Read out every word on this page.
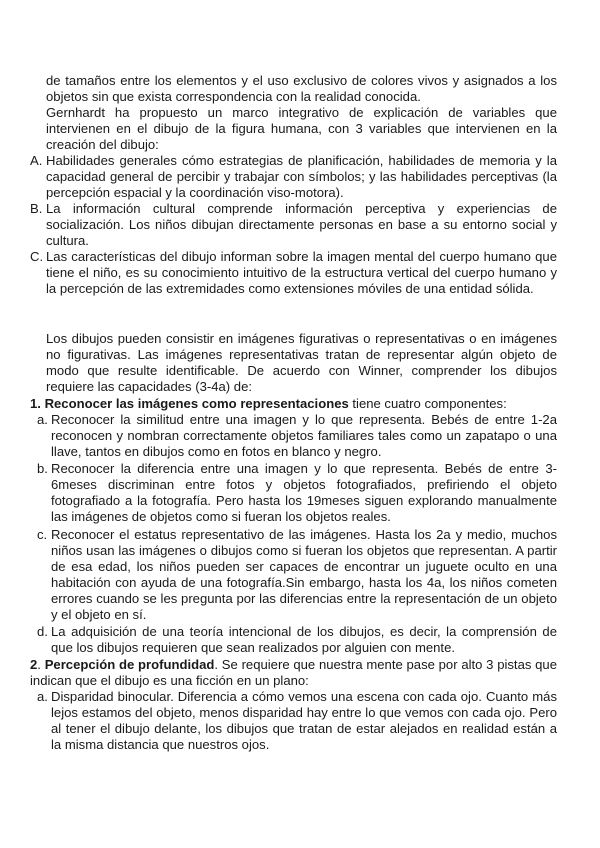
de tamaños entre los elementos y el uso exclusivo de colores vivos y asignados a los objetos sin que exista correspondencia con la realidad conocida.

Gernhardt ha propuesto un marco integrativo de explicación de variables que intervienen en el dibujo de la figura humana, con 3 variables que intervienen en la creación del dibujo:

A. Habilidades generales cómo estrategias de planificación, habilidades de memoria y la capacidad general de percibir y trabajar con símbolos; y las habilidades perceptivas (la percepción espacial y la coordinación viso-motora).

B. La información cultural comprende información perceptiva y experiencias de socialización. Los niños dibujan directamente personas en base a su entorno social y cultura.

C. Las características del dibujo informan sobre la imagen mental del cuerpo humano que tiene el niño, es su conocimiento intuitivo de la estructura vertical del cuerpo humano y la percepción de las extremidades como extensiones móviles de una entidad sólida.

Los dibujos pueden consistir en imágenes figurativas o representativas o en imágenes no figurativas. Las imágenes representativas tratan de representar algún objeto de modo que resulte identificable. De acuerdo con Winner, comprender los dibujos requiere las capacidades (3-4a) de:

1. Reconocer las imágenes como representaciones tiene cuatro componentes:

a. Reconocer la similitud entre una imagen y lo que representa. Bebés de entre 1-2a reconocen y nombran correctamente objetos familiares tales como un zapatapo o una llave, tantos en dibujos como en fotos en blanco y negro.

b. Reconocer la diferencia entre una imagen y lo que representa. Bebés de entre 3-6meses discriminan entre fotos y objetos fotografiados, prefiriendo el objeto fotografiado a la fotografía. Pero hasta los 19meses siguen explorando manualmente las imágenes de objetos como si fueran los objetos reales.

c. Reconocer el estatus representativo de las imágenes. Hasta los 2a y medio, muchos niños usan las imágenes o dibujos como si fueran los objetos que representan. A partir de esa edad, los niños pueden ser capaces de encontrar un juguete oculto en una habitación con ayuda de una fotografía.Sin embargo, hasta los 4a, los niños cometen errores cuando se les pregunta por las diferencias entre la representación de un objeto y el objeto en sí.

d. La adquisición de una teoría intencional de los dibujos, es decir, la comprensión de que los dibujos requieren que sean realizados por alguien con mente.

2. Percepción de profundidad. Se requiere que nuestra mente pase por alto 3 pistas que indican que el dibujo es una ficción en un plano:

a. Disparidad binocular. Diferencia a cómo vemos una escena con cada ojo. Cuanto más lejos estamos del objeto, menos disparidad hay entre lo que vemos con cada ojo. Pero al tener el dibujo delante, los dibujos que tratan de estar alejados en realidad están a la misma distancia que nuestros ojos.
